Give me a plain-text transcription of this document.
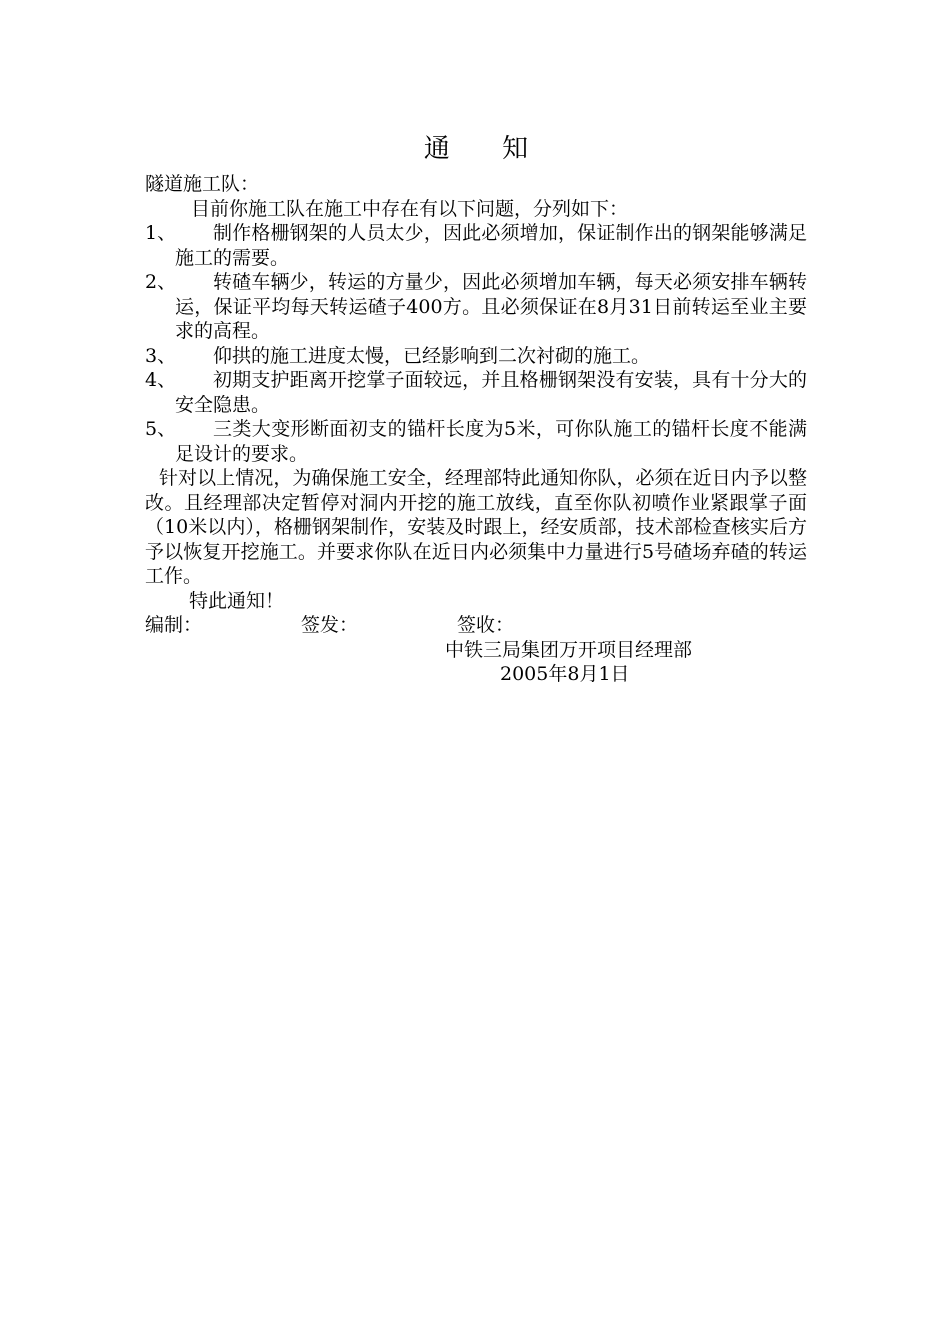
通 知

隧道施工队：

目前你施工队在施工中存在有以下问题，分列如下：

1、	制作格栅钢架的人员太少，因此必须增加，保证制作出的钢架能够满足施工的需要。
2、	转碴车辆少，转运的方量少，因此必须增加车辆，每天必须安排车辆转运，保证平均每天转运碴子400方。且必须保证在8月31日前转运至业主要求的高程。
3、	仰拱的施工进度太慢，已经影响到二次衬砌的施工。
4、	初期支护距离开挖掌子面较远，并且格栅钢架没有安装，具有十分大的安全隐患。
5、	三类大变形断面初支的锚杆长度为5米，可你队施工的锚杆长度不能满足设计的要求。

针对以上情况，为确保施工安全，经理部特此通知你队，必须在近日内予以整改。且经理部决定暂停对洞内开挖的施工放线，直至你队初喷作业紧跟掌子面（10米以内），格栅钢架制作，安装及时跟上，经安质部，技术部检查核实后方予以恢复开挖施工。并要求你队在近日内必须集中力量进行5号碴场弃碴的转运工作。

特此通知！

编制：	签发：	签收：

中铁三局集团万开项目经理部

2005年8月1日
